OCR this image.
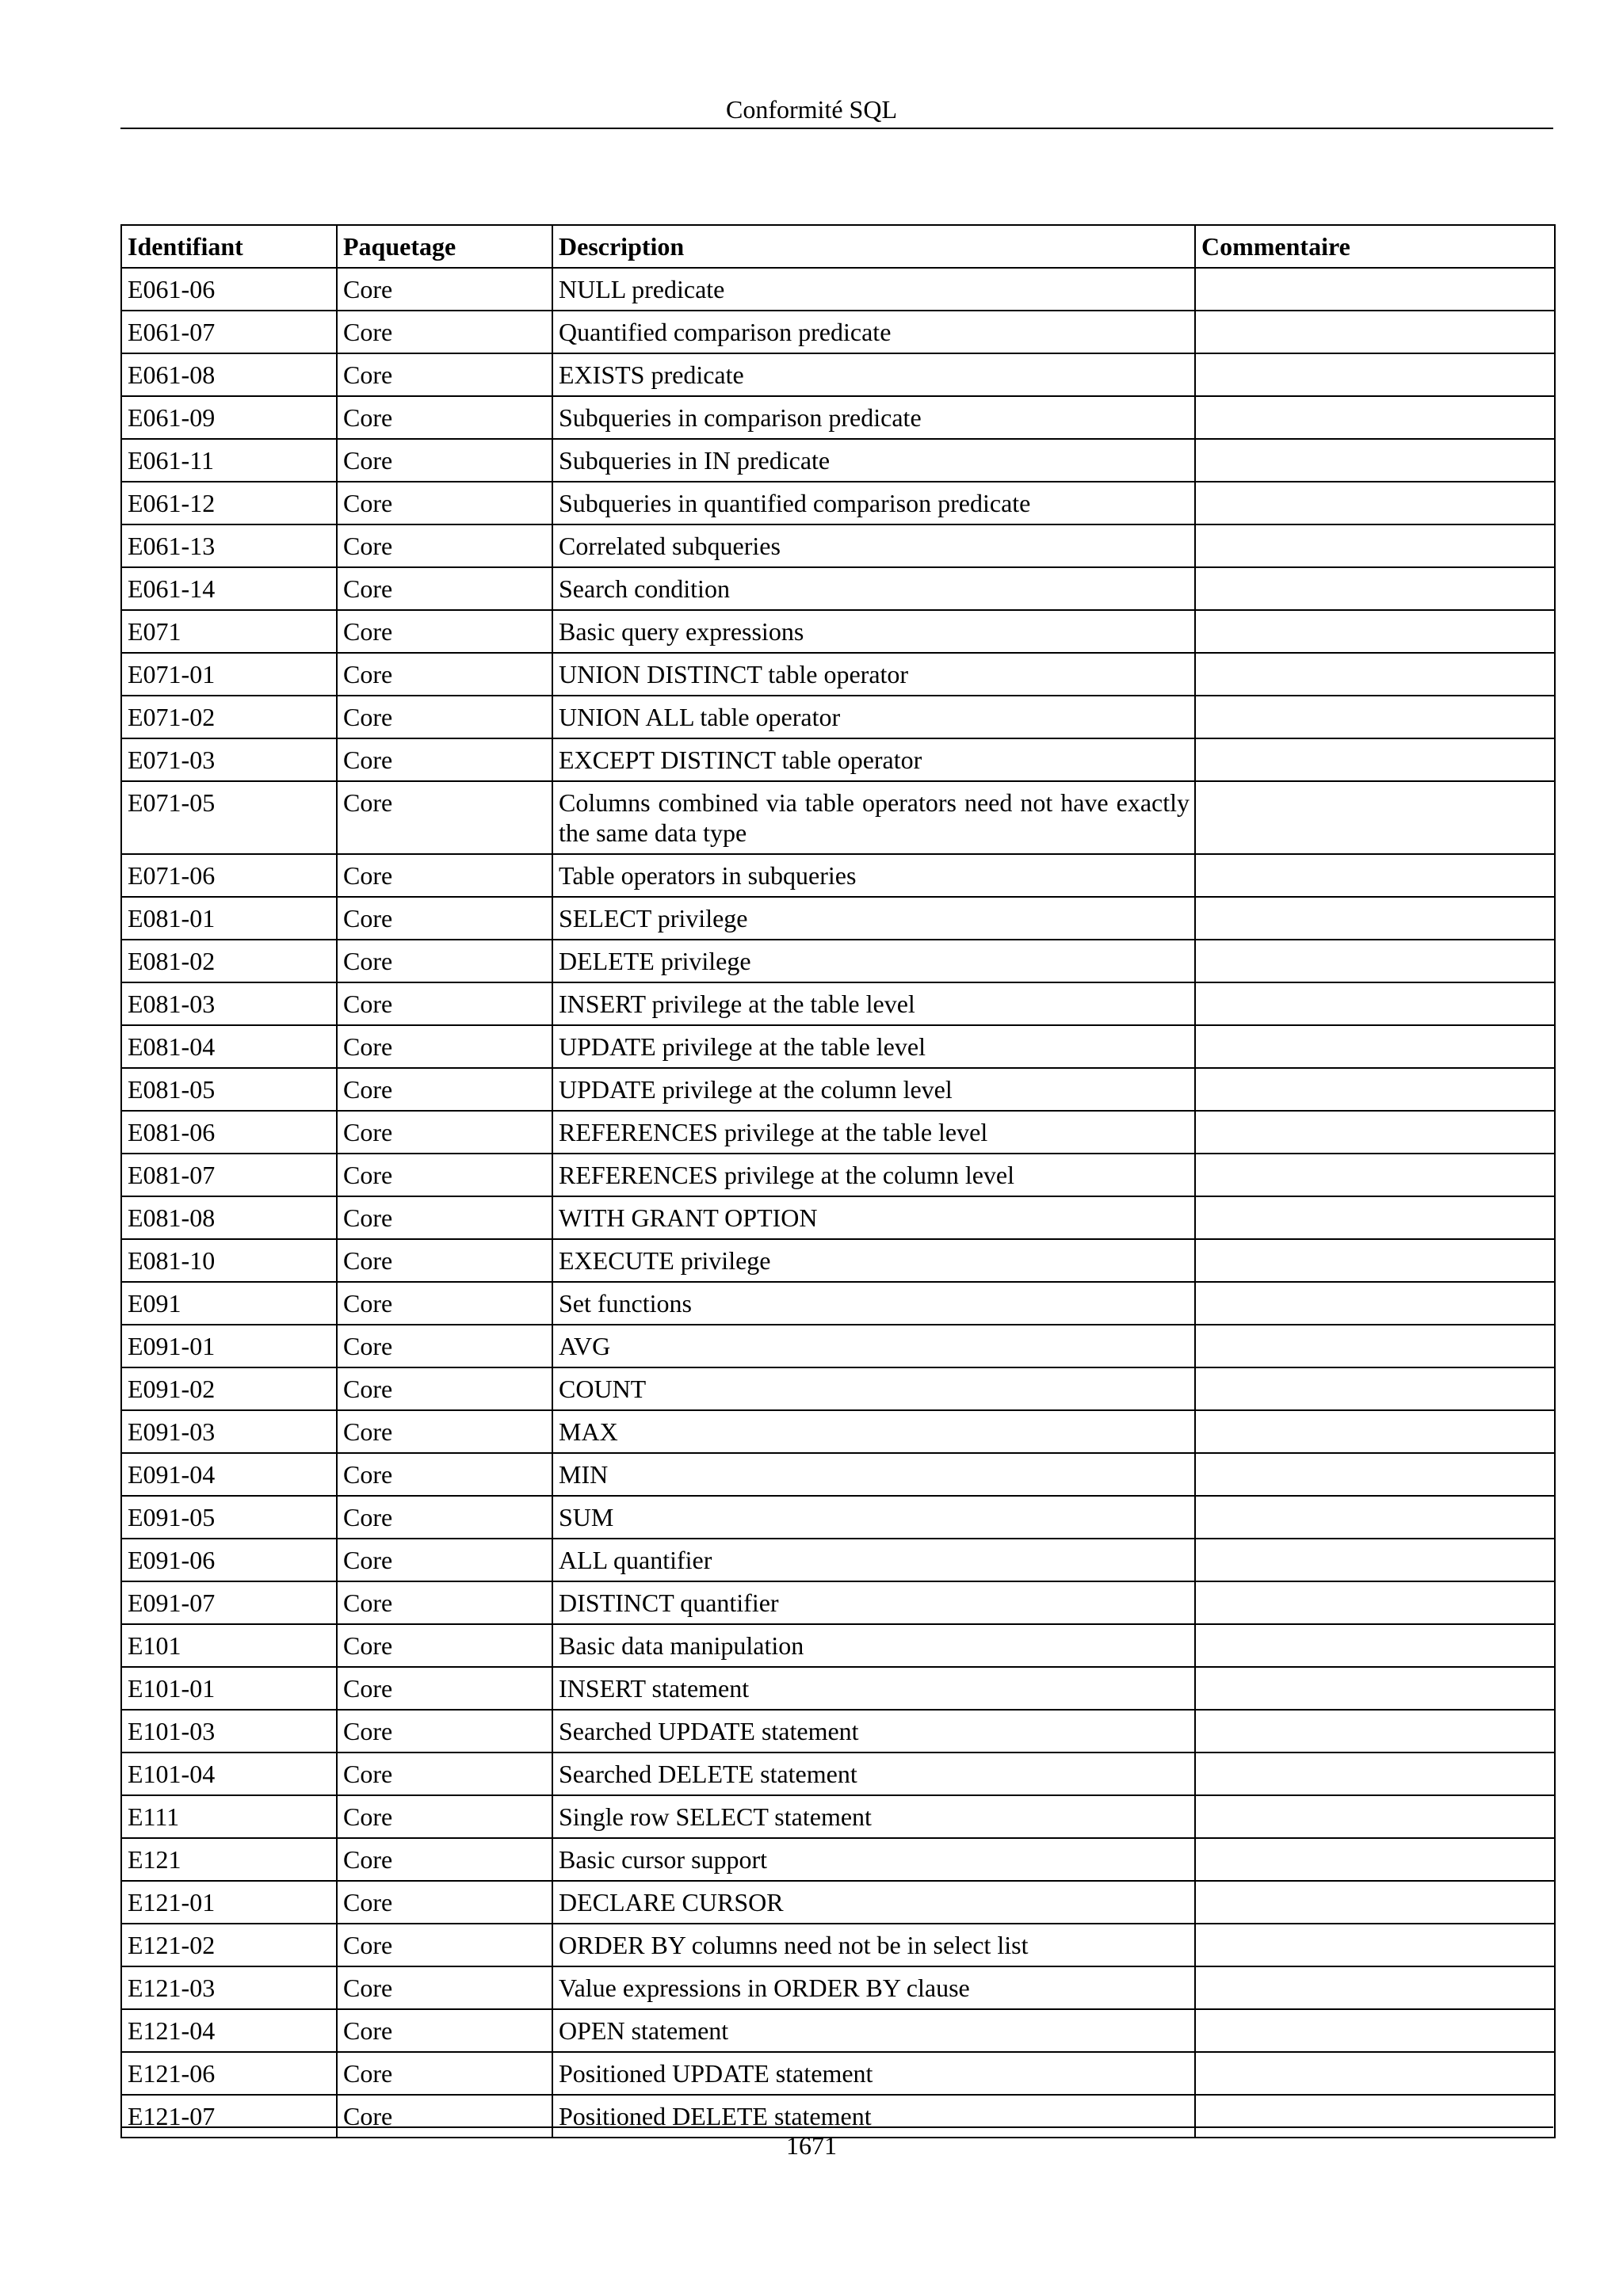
Conformité SQL
Identifiant	Paquetage	Description	Commentaire
E061-06	Core	NULL predicate	
E061-07	Core	Quantified comparison predicate	
E061-08	Core	EXISTS predicate	
E061-09	Core	Subqueries in comparison predicate	
E061-11	Core	Subqueries in IN predicate	
E061-12	Core	Subqueries in quantified comparison predicate	
E061-13	Core	Correlated subqueries	
E061-14	Core	Search condition	
E071	Core	Basic query expressions	
E071-01	Core	UNION DISTINCT table operator	
E071-02	Core	UNION ALL table operator	
E071-03	Core	EXCEPT DISTINCT table operator	
E071-05	Core	Columns combined via table operators need not have exactly the same data type	
E071-06	Core	Table operators in subqueries	
E081-01	Core	SELECT privilege	
E081-02	Core	DELETE privilege	
E081-03	Core	INSERT privilege at the table level	
E081-04	Core	UPDATE privilege at the table level	
E081-05	Core	UPDATE privilege at the column level	
E081-06	Core	REFERENCES privilege at the table level	
E081-07	Core	REFERENCES privilege at the column level	
E081-08	Core	WITH GRANT OPTION	
E081-10	Core	EXECUTE privilege	
E091	Core	Set functions	
E091-01	Core	AVG	
E091-02	Core	COUNT	
E091-03	Core	MAX	
E091-04	Core	MIN	
E091-05	Core	SUM	
E091-06	Core	ALL quantifier	
E091-07	Core	DISTINCT quantifier	
E101	Core	Basic data manipulation	
E101-01	Core	INSERT statement	
E101-03	Core	Searched UPDATE statement	
E101-04	Core	Searched DELETE statement	
E111	Core	Single row SELECT statement	
E121	Core	Basic cursor support	
E121-01	Core	DECLARE CURSOR	
E121-02	Core	ORDER BY columns need not be in select list	
E121-03	Core	Value expressions in ORDER BY clause	
E121-04	Core	OPEN statement	
E121-06	Core	Positioned UPDATE statement	
E121-07	Core	Positioned DELETE statement	
1671
